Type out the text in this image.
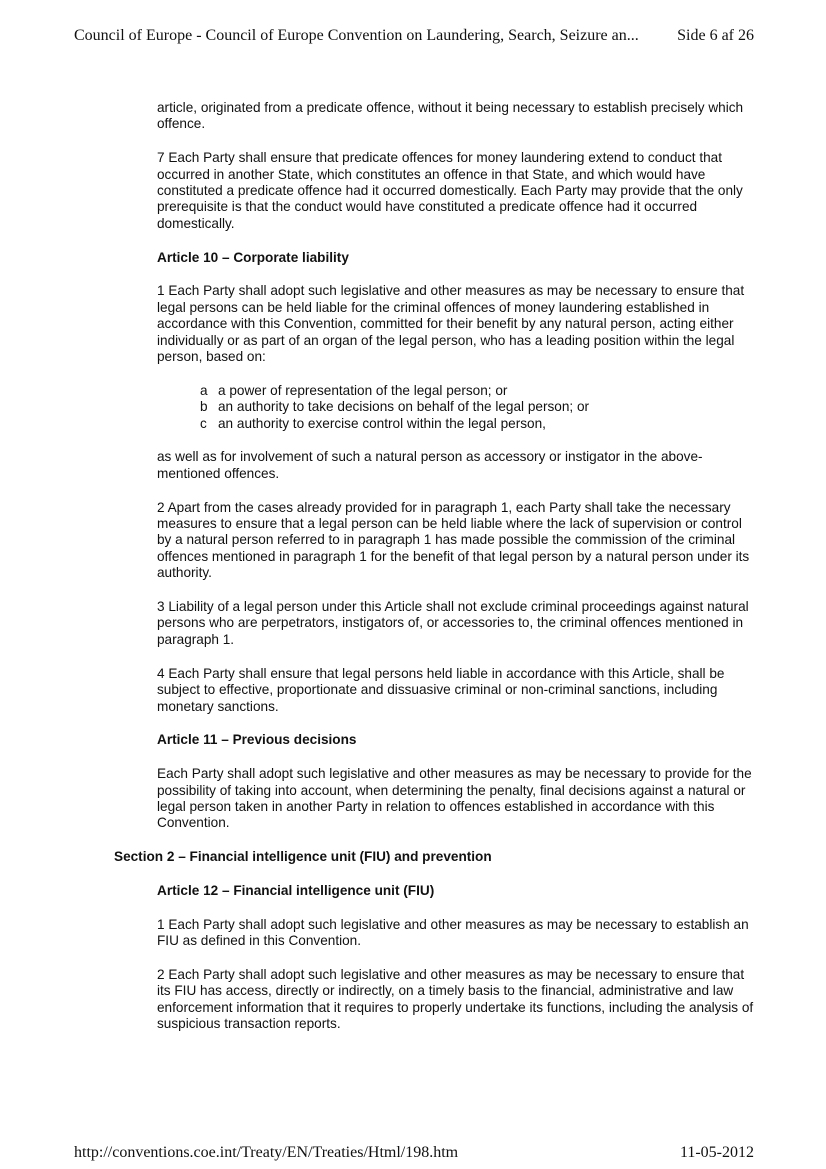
Council of Europe - Council of Europe Convention on Laundering, Search, Seizure an... Side 6 af 26

article, originated from a predicate offence, without it being necessary to establish precisely which offence.

7 Each Party shall ensure that predicate offences for money laundering extend to conduct that occurred in another State, which constitutes an offence in that State, and which would have constituted a predicate offence had it occurred domestically. Each Party may provide that the only prerequisite is that the conduct would have constituted a predicate offence had it occurred domestically.

Article 10 – Corporate liability

1 Each Party shall adopt such legislative and other measures as may be necessary to ensure that legal persons can be held liable for the criminal offences of money laundering established in accordance with this Convention, committed for their benefit by any natural person, acting either individually or as part of an organ of the legal person, who has a leading position within the legal person, based on:

a a power of representation of the legal person; or
b an authority to take decisions on behalf of the legal person; or
c an authority to exercise control within the legal person,

as well as for involvement of such a natural person as accessory or instigator in the above-mentioned offences.

2 Apart from the cases already provided for in paragraph 1, each Party shall take the necessary measures to ensure that a legal person can be held liable where the lack of supervision or control by a natural person referred to in paragraph 1 has made possible the commission of the criminal offences mentioned in paragraph 1 for the benefit of that legal person by a natural person under its authority.

3 Liability of a legal person under this Article shall not exclude criminal proceedings against natural persons who are perpetrators, instigators of, or accessories to, the criminal offences mentioned in paragraph 1.

4 Each Party shall ensure that legal persons held liable in accordance with this Article, shall be subject to effective, proportionate and dissuasive criminal or non-criminal sanctions, including monetary sanctions.

Article 11 – Previous decisions

Each Party shall adopt such legislative and other measures as may be necessary to provide for the possibility of taking into account, when determining the penalty, final decisions against a natural or legal person taken in another Party in relation to offences established in accordance with this Convention.

Section 2 – Financial intelligence unit (FIU) and prevention
Article 12 – Financial intelligence unit (FIU)

1 Each Party shall adopt such legislative and other measures as may be necessary to establish an FIU as defined in this Convention.

2 Each Party shall adopt such legislative and other measures as may be necessary to ensure that its FIU has access, directly or indirectly, on a timely basis to the financial, administrative and law enforcement information that it requires to properly undertake its functions, including the analysis of suspicious transaction reports.

http://conventions.coe.int/Treaty/EN/Treaties/Html/198.htm	11-05-2012
